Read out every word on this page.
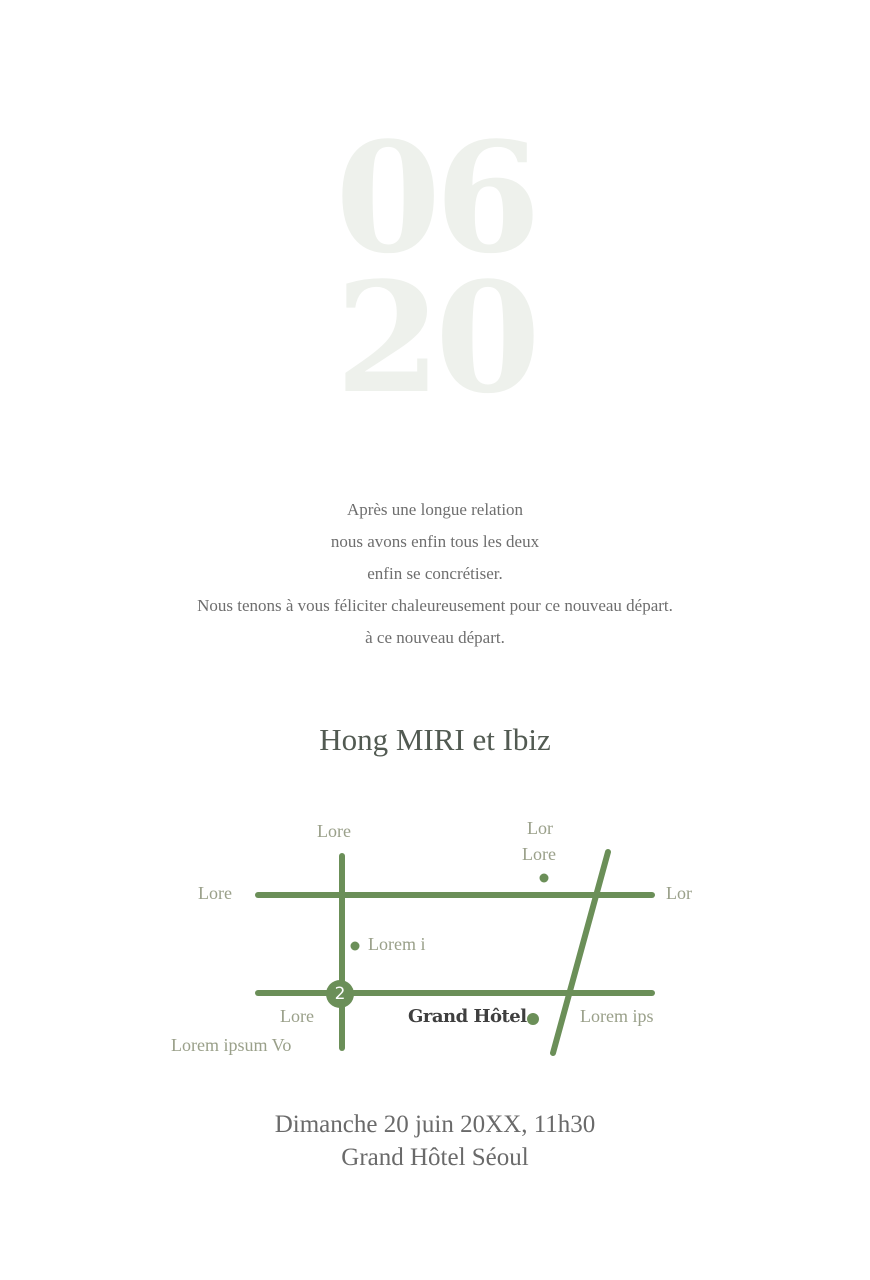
06
20
Après une longue relation
nous avons enfin tous les deux
enfin se concrétiser.
Nous tenons à vous féliciter chaleureusement pour ce nouveau départ.
à ce nouveau départ.
Hong MIRI et Ibiz
2
Lore	Lor
Lore
Lore	Lor
Lorem i
Lore
Lorem ipsum Vo
Lorem ips
Grand Hôtel
Dimanche 20 juin 20XX, 11h30
Grand Hôtel Séoul
